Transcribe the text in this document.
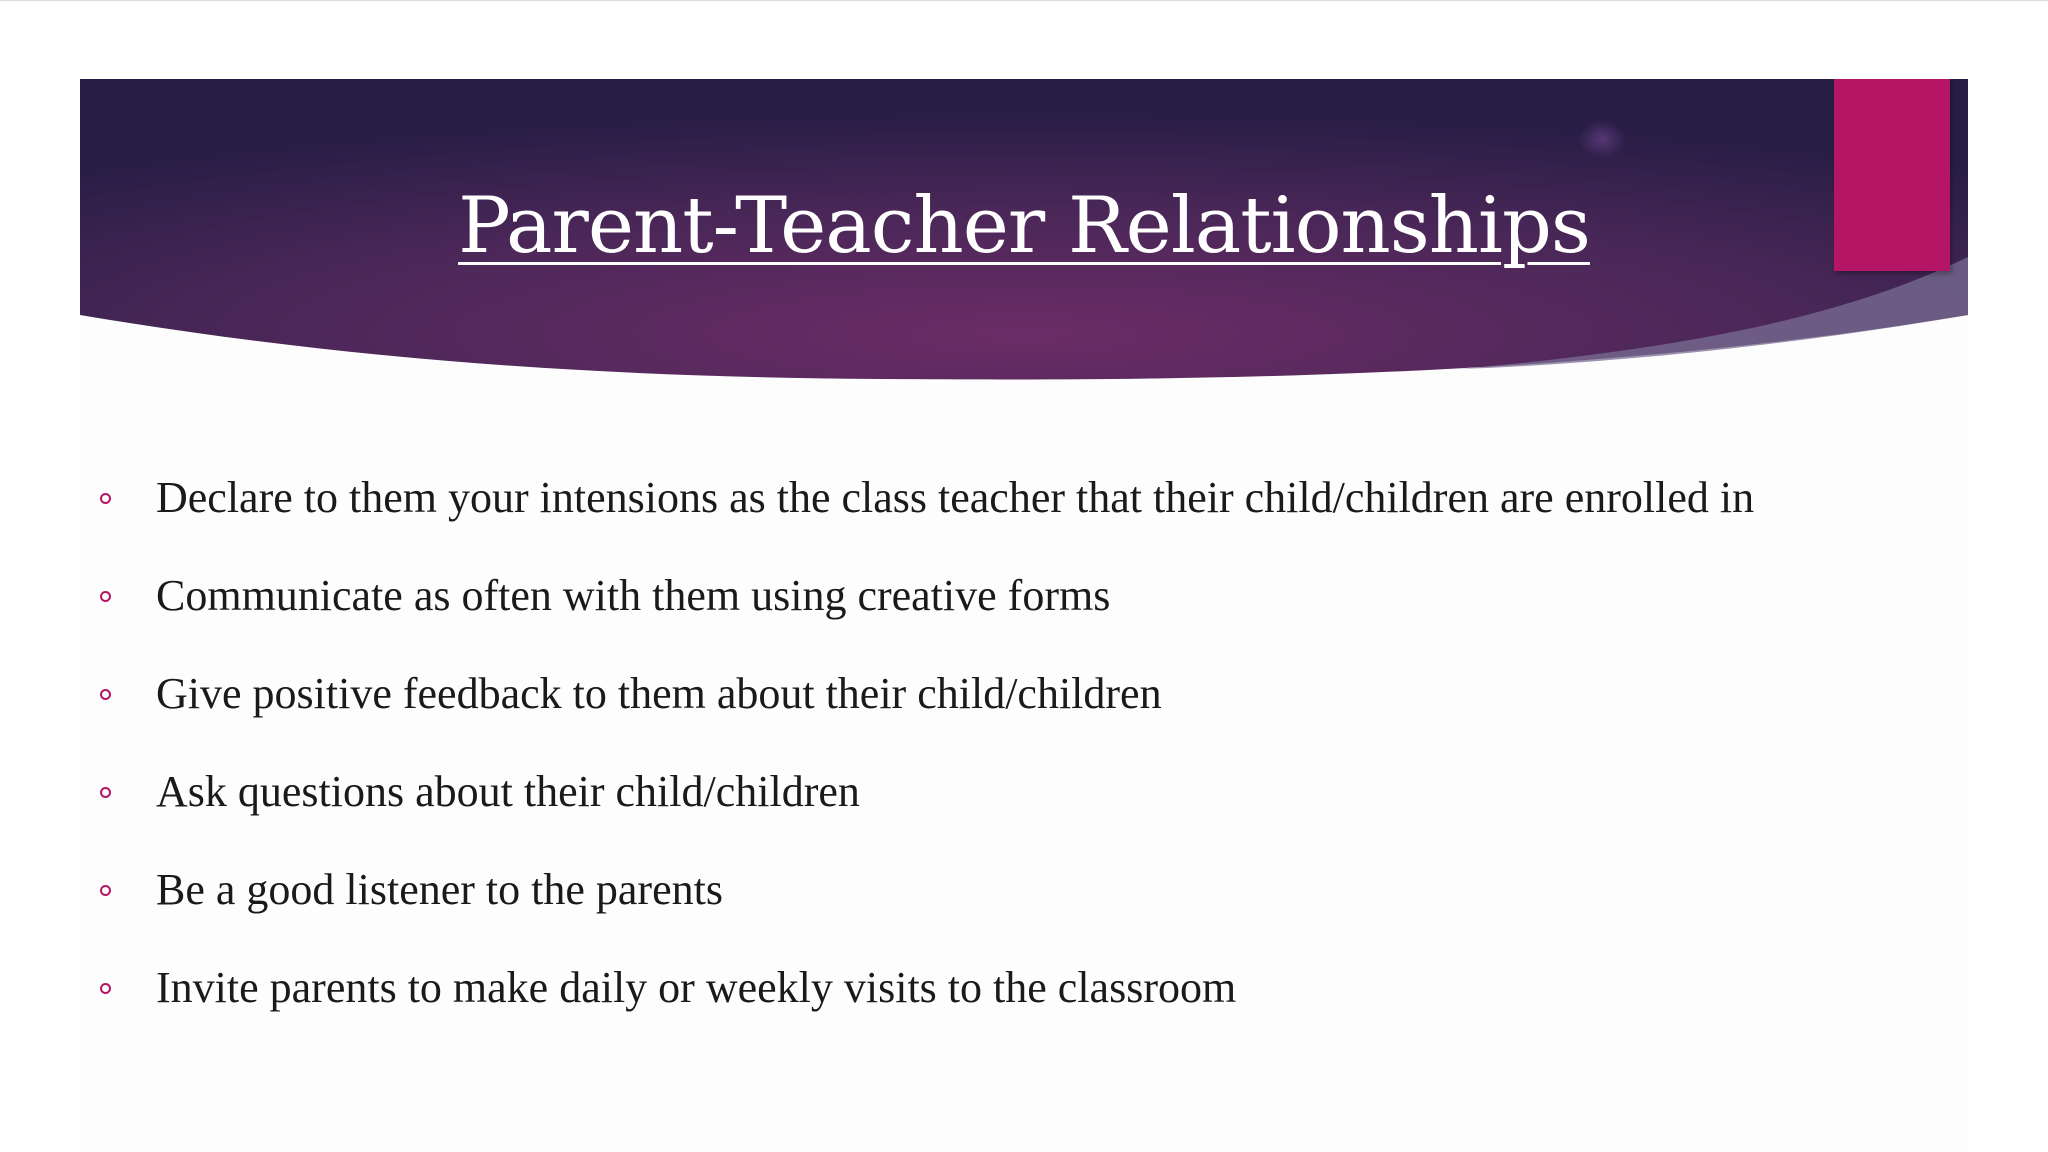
Parent-Teacher Relationships
Declare to them your intensions as the class teacher that their child/children are enrolled in
Communicate as often with them using creative forms
Give positive feedback to them about their child/children
Ask questions about their child/children
Be a good listener to the parents
Invite parents to make daily or weekly visits to the classroom
